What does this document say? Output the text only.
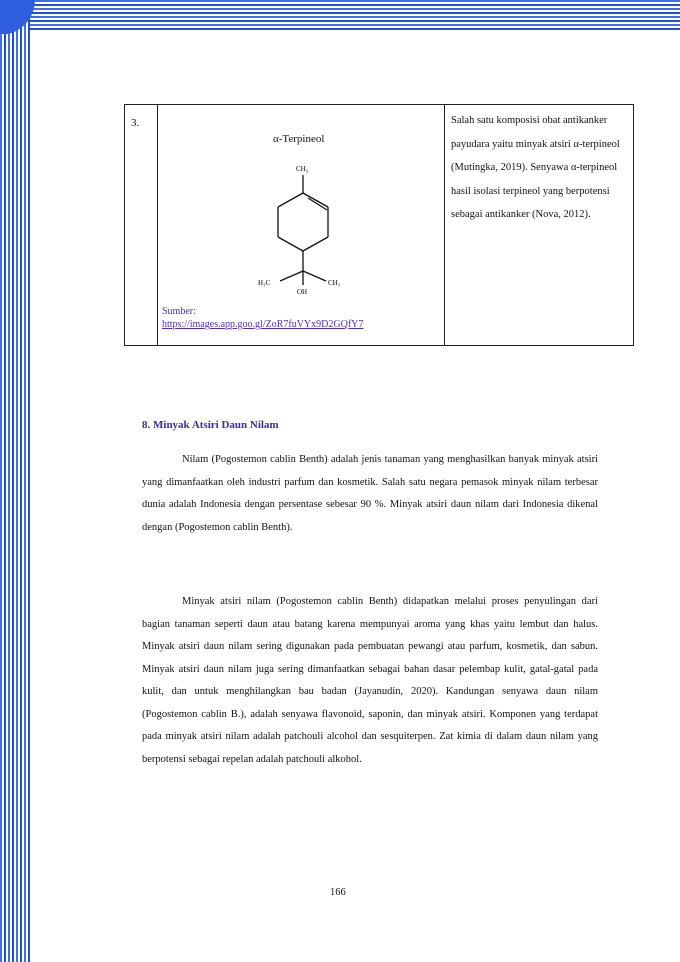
3.
α-Terpineol
CH₃
H₃C	CH₃
OH
Sumber:
https://images.app.goo.gl/ZoR7fuVYx9D2GQfY7
Salah satu komposisi obat antikanker payudara yaitu minyak atsiri α-terpineol (Mutingka, 2019). Senyawa α-terpineol hasil isolasi terpineol yang berpotensi sebagai antikanker (Nova, 2012).
8. Minyak Atsiri Daun Nilam

Nilam (Pogostemon cablin Benth) adalah jenis tanaman yang menghasilkan banyak minyak atsiri yang dimanfaatkan oleh industri parfum dan kosmetik. Salah satu negara pemasok minyak nilam terbesar dunia adalah Indonesia dengan persentase sebesar 90 %. Minyak atsiri daun nilam dari Indonesia dikenal dengan (Pogostemon cablin Benth).

Minyak atsiri nilam (Pogostemon cablin Benth) didapatkan melalui proses penyulingan dari bagian tanaman seperti daun atau batang karena mempunyai aroma yang khas yaitu lembut dan halus. Minyak atsiri daun nilam sering digunakan pada pembuatan pewangi atau parfum, kosmetik, dan sabun. Minyak atsiri daun nilam juga sering dimanfaatkan sebagai bahan dasar pelembap kulit, gatal-gatal pada kulit, dan untuk menghilangkan bau badan (Jayanudin, 2020). Kandungan senyawa daun nilam (Pogostemon cablin B.), adalah senyawa flavonoid, saponin, dan minyak atsiri. Komponen yang terdapat pada minyak atsiri nilam adalah patchouli alcohol dan sesquiterpen. Zat kimia di dalam daun nilam yang berpotensi sebagai repelan adalah patchouli alkohol.

166
